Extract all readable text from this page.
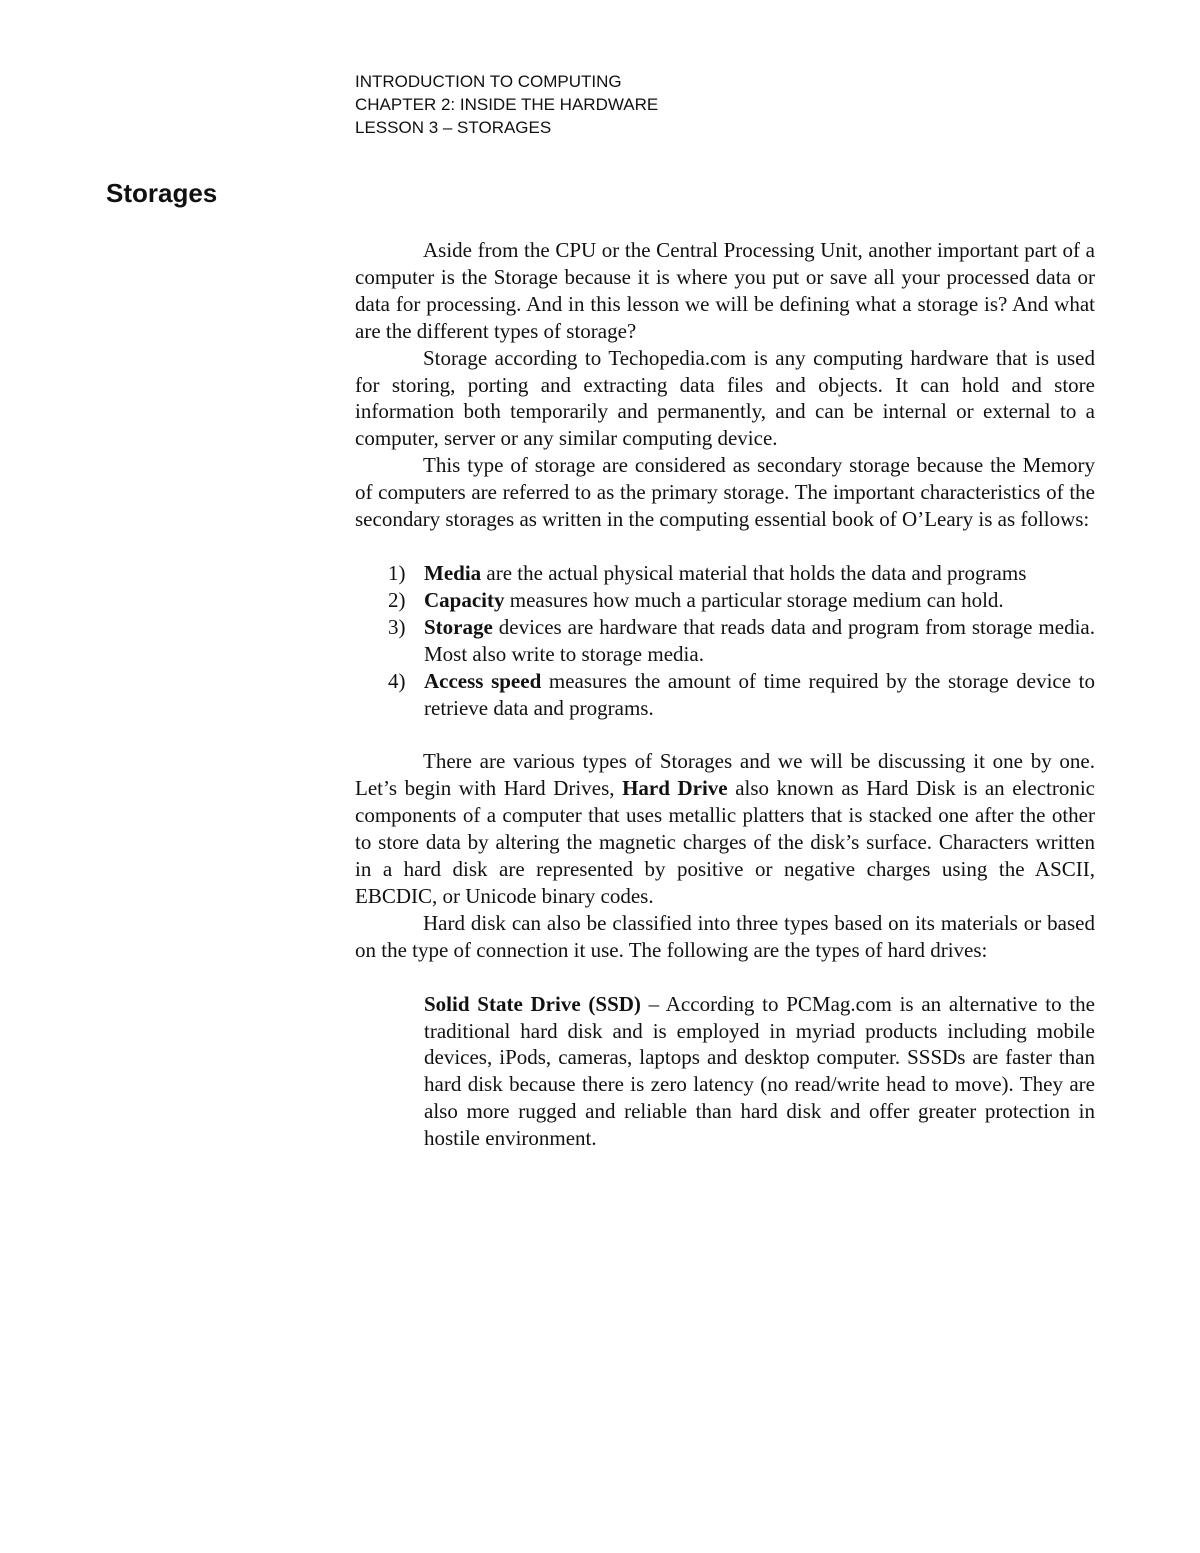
INTRODUCTION TO COMPUTING
CHAPTER 2: INSIDE THE HARDWARE
LESSON 3 – STORAGES
Storages

Aside from the CPU or the Central Processing Unit, another important part of a computer is the Storage because it is where you put or save all your processed data or data for processing. And in this lesson we will be defining what a storage is? And what are the different types of storage?

Storage according to Techopedia.com is any computing hardware that is used for storing, porting and extracting data files and objects. It can hold and store information both temporarily and permanently, and can be internal or external to a computer, server or any similar computing device.

This type of storage are considered as secondary storage because the Memory of computers are referred to as the primary storage. The important characteristics of the secondary storages as written in the computing essential book of O’Leary is as follows:

1) Media are the actual physical material that holds the data and programs
2) Capacity measures how much a particular storage medium can hold.
3) Storage devices are hardware that reads data and program from storage media. Most also write to storage media.
4) Access speed measures the amount of time required by the storage device to retrieve data and programs.

There are various types of Storages and we will be discussing it one by one. Let’s begin with Hard Drives, Hard Drive also known as Hard Disk is an electronic components of a computer that uses metallic platters that is stacked one after the other to store data by altering the magnetic charges of the disk’s surface. Characters written in a hard disk are represented by positive or negative charges using the ASCII, EBCDIC, or Unicode binary codes.

Hard disk can also be classified into three types based on its materials or based on the type of connection it use. The following are the types of hard drives:

Solid State Drive (SSD) – According to PCMag.com is an alternative to the traditional hard disk and is employed in myriad products including mobile devices, iPods, cameras, laptops and desktop computer. SSSDs are faster than hard disk because there is zero latency (no read/write head to move). They are also more rugged and reliable than hard disk and offer greater protection in hostile environment.
